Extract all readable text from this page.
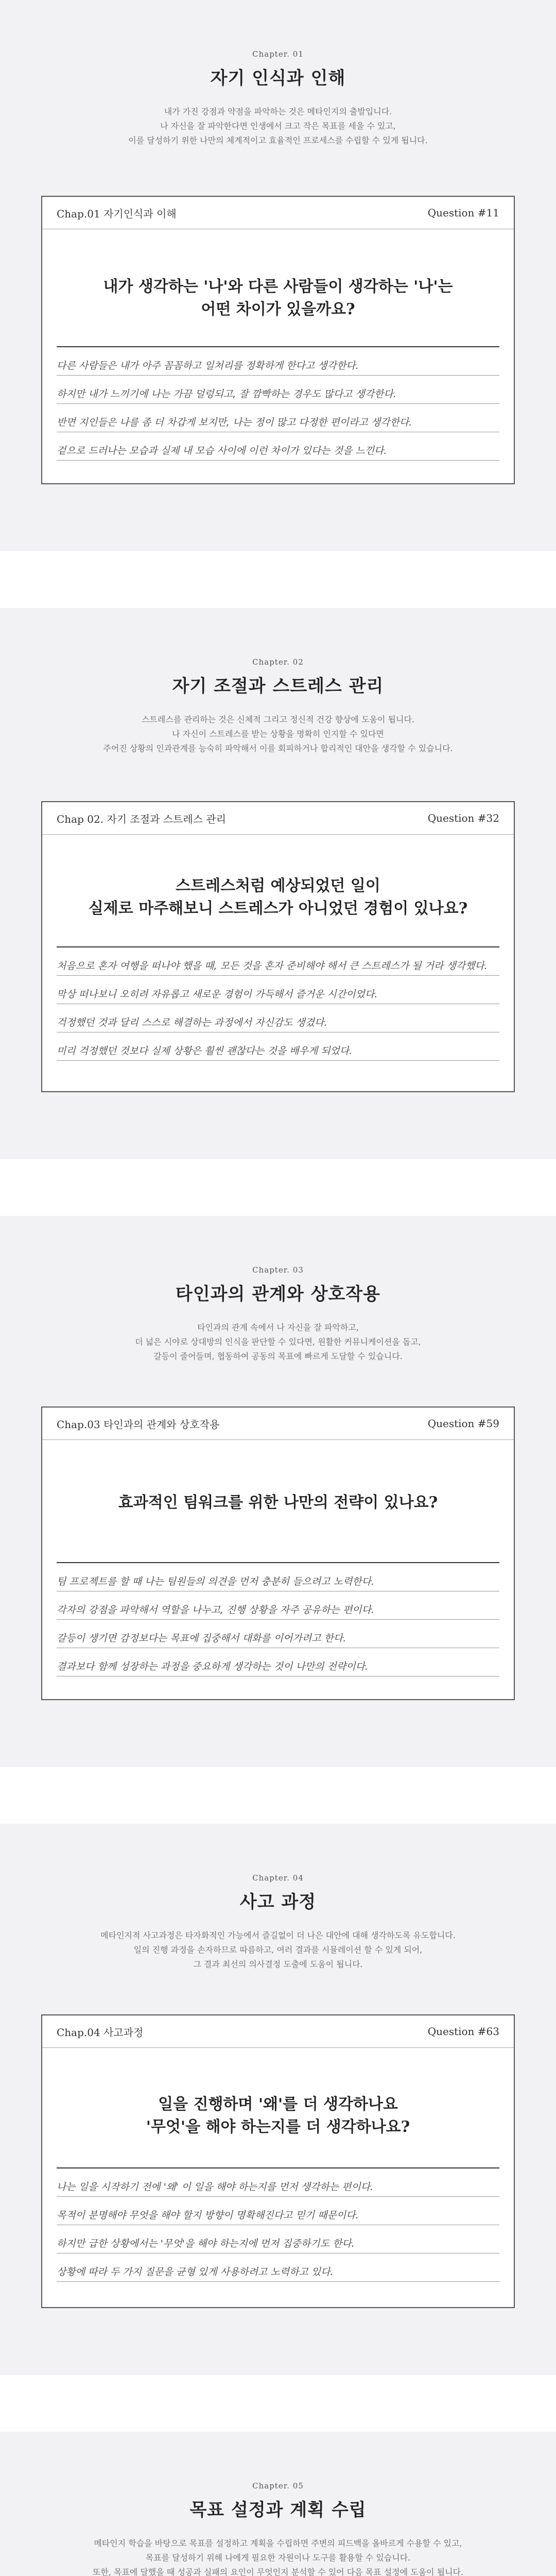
Chapter. 01
자기 인식과 인해

내가 가진 강점과 약점을 파악하는 것은 메타인지의 출발입니다.

나 자신을 잘 파악한다면 인생에서 크고 작은 목표를 세울 수 있고,

이를 달성하기 위한 나만의 체계적이고 효율적인 프로세스를 수립할 수 있게 됩니다.

Chap.01 자기인식과 이해	Question #11

내가 생각하는 '나'와 다른 사람들이 생각하는 '나'는

어떤 차이가 있을까요?

다른 사람들은 내가 아주 꼼꼼하고 일처리를 정확하게 한다고 생각한다.
하지만 내가 느끼기에 나는 가끔 덜렁되고, 잘 깜빡하는 경우도 많다고 생각한다.
반면 지인들은 나를 좀 더 차갑게 보지만, 나는 정이 많고 다정한 편이라고 생각한다.
겉으로 드러나는 모습과 실제 내 모습 사이에 이런 차이가 있다는 것을 느낀다.
Chapter. 02
자기 조절과 스트레스 관리

스트레스를 관리하는 것은 신체적 그리고 정신적 건강 향상에 도움이 됩니다.

나 자신이 스트레스를 받는 상황을 명확히 인지할 수 있다면

주어진 상황의 인과관계를 능숙히 파악해서 이를 회피하거나 합리적인 대안을 생각할 수 있습니다.

Chap 02. 자기 조절과 스트레스 관리	Question #32

스트레스처럼 예상되었던 일이

실제로 마주해보니 스트레스가 아니었던 경험이 있나요?

처음으로 혼자 여행을 떠나야 했을 때, 모든 것을 혼자 준비해야 해서 큰 스트레스가 될 거라 생각했다.
막상 떠나보니 오히려 자유롭고 새로운 경험이 가득해서 즐거운 시간이었다.
걱정했던 것과 달리 스스로 해결하는 과정에서 자신감도 생겼다.
미리 걱정했던 것보다 실제 상황은 훨씬 괜찮다는 것을 배우게 되었다.
Chapter. 03
타인과의 관계와 상호작용

타인과의 관계 속에서 나 자신을 잘 파악하고,

더 넓은 시야로 상대방의 인식을 판단할 수 있다면, 원활한 커뮤니케이션을 돕고,

갈등이 줄어들며, 협동하여 공동의 목표에 빠르게 도달할 수 있습니다.

Chap.03 타인과의 관계와 상호작용	Question #59

효과적인 팀워크를 위한 나만의 전략이 있나요?

팀 프로젝트를 할 때 나는 팀원들의 의견을 먼저 충분히 들으려고 노력한다.
각자의 강점을 파악해서 역할을 나누고, 진행 상황을 자주 공유하는 편이다.
갈등이 생기면 감정보다는 목표에 집중해서 대화를 이어가려고 한다.
결과보다 함께 성장하는 과정을 중요하게 생각하는 것이 나만의 전략이다.
Chapter. 04
사고 과정

메타인지적 사고과정은 타자화적인 가능에서 즐길없이 더 나은 대안에 대해 생각하도록 유도합니다.

일의 진행 과정을 손자하므로 따름하고, 여러 결과를 시뮬레이션 할 수 있게 되어,

그 결과 최선의 의사결정 도출에 도움이 됩니다.

Chap.04 사고과정	Question #63

일을 진행하며 '왜'를 더 생각하나요

'무엇'을 해야 하는지를 더 생각하나요?

나는 일을 시작하기 전에 '왜' 이 일을 해야 하는지를 먼저 생각하는 편이다.
목적이 분명해야 무엇을 해야 할지 방향이 명확해진다고 믿기 때문이다.
하지만 급한 상황에서는 '무엇'을 해야 하는지에 먼저 집중하기도 한다.
상황에 따라 두 가지 질문을 균형 있게 사용하려고 노력하고 있다.
Chapter. 05
목표 설정과 계획 수립

메타인지 학습을 바탕으로 목표를 설정하고 계획을 수립하면 주변의 피드백을 올바르게 수용할 수 있고,

목표를 달성하기 위해 나에게 필요한 자원이나 도구를 활용할 수 있습니다.

또한, 목표에 달했을 때 성공과 실패의 요인이 무엇인지 분석할 수 있어 다음 목표 설정에 도움이 됩니다.
